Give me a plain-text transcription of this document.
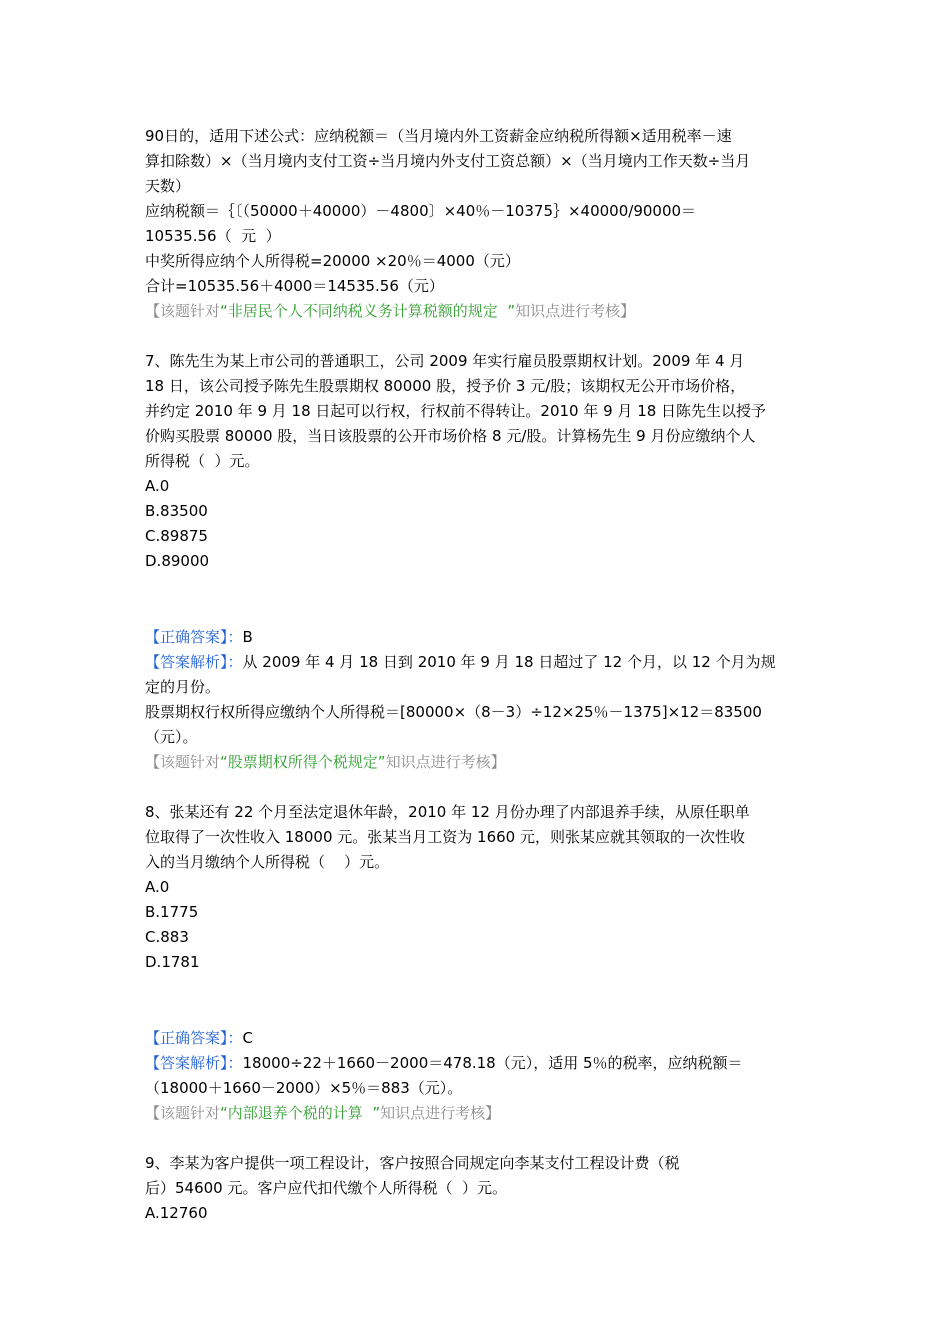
90日的，适用下述公式：应纳税额＝（当月境内外工资薪金应纳税所得额×适用税率－速
算扣除数）×（当月境内支付工资÷当月境内外支付工资总额）×（当月境内工作天数÷当月
天数）
应纳税额＝｛〔（50000＋40000）－4800〕×40％－10375｝×40000/90000＝
10535.56（  元  ）
中奖所得应纳个人所得税=20000 ×20％＝4000（元）
合计=10535.56＋4000＝14535.56（元）
【该题针对“非居民个人不同纳税义务计算税额的规定  ”知识点进行考核】
7、陈先生为某上市公司的普通职工，公司 2009 年实行雇员股票期权计划。2009 年 4 月
18 日，该公司授予陈先生股票期权 80000 股，授予价 3 元/股；该期权无公开市场价格，
并约定 2010 年 9 月 18 日起可以行权，行权前不得转让。2010 年 9 月 18 日陈先生以授予
价购买股票 80000 股，当日该股票的公开市场价格 8 元/股。计算杨先生 9 月份应缴纳个人
所得税（  ）元。
A.0
B.83500
C.89875
D.89000
【正确答案】：B
【答案解析】：从 2009 年 4 月 18 日到 2010 年 9 月 18 日超过了 12 个月，以 12 个月为规
定的月份。
股票期权行权所得应缴纳个人所得税＝[80000×（8－3）÷12×25％－1375]×12＝83500
（元）。
【该题针对“股票期权所得个税规定”知识点进行考核】
8、张某还有 22 个月至法定退休年龄，2010 年 12 月份办理了内部退养手续，从原任职单
位取得了一次性收入 18000 元。张某当月工资为 1660 元，则张某应就其领取的一次性收
入的当月缴纳个人所得税（    ）元。
A.0
B.1775
C.883
D.1781
【正确答案】：C
【答案解析】：18000÷22＋1660－2000＝478.18（元），适用 5％的税率，应纳税额＝
（18000＋1660－2000）×5％＝883（元）。
【该题针对“内部退养个税的计算  ”知识点进行考核】
9、李某为客户提供一项工程设计，客户按照合同规定向李某支付工程设计费（税
后）54600 元。客户应代扣代缴个人所得税（  ）元。
A.12760
